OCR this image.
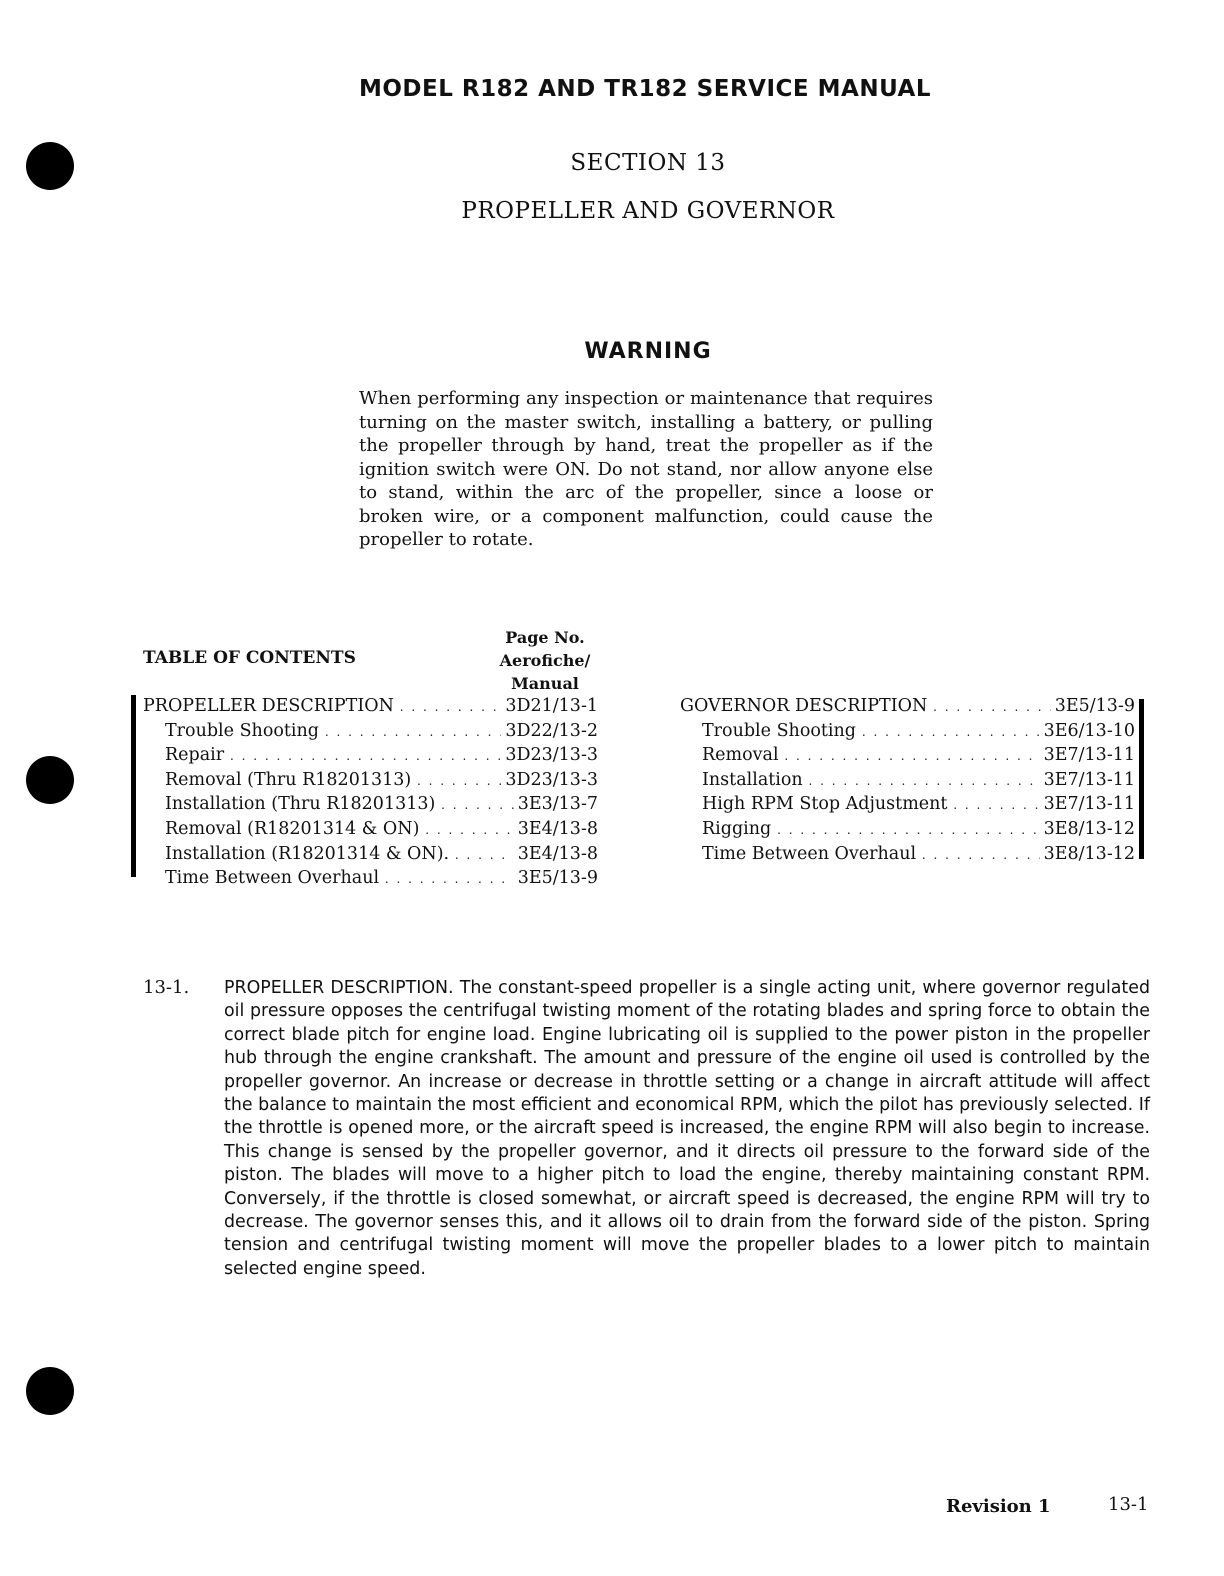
MODEL R182 AND TR182 SERVICE MANUAL
SECTION 13
PROPELLER AND GOVERNOR
WARNING
When performing any inspection or maintenance that requires turning on the master switch, installing a battery, or pulling the propeller through by hand, treat the propeller as if the ignition switch were ON. Do not stand, nor allow anyone else to stand, within the arc of the propeller, since a loose or broken wire, or a component malfunction, could cause the propeller to rotate.
TABLE OF CONTENTS
Page No.
Aerofiche/
Manual
PROPELLER DESCRIPTION . . .	3D21/13-1
Trouble Shooting . . .	3D22/13-2
Repair . . .	3D23/13-3
Removal (Thru R18201313) . . .	3D23/13-3
Installation (Thru R18201313) . . .	3E3/13-7
Removal (R18201314 & ON) . . .	3E4/13-8
Installation (R18201314 & ON). . . .	3E4/13-8
Time Between Overhaul . . .	3E5/13-9
GOVERNOR DESCRIPTION . . .	3E5/13-9
Trouble Shooting . . .	3E6/13-10
Removal . . .	3E7/13-11
Installation . . .	3E7/13-11
High RPM Stop Adjustment . . .	3E7/13-11
Rigging . . .	3E8/13-12
Time Between Overhaul . . .	3E8/13-12
13-1. PROPELLER DESCRIPTION. The constant-speed propeller is a single acting unit, where governor regulated oil pressure opposes the centrifugal twisting moment of the rotating blades and spring force to obtain the correct blade pitch for engine load. Engine lubricating oil is supplied to the power piston in the propeller hub through the engine crankshaft. The amount and pressure of the engine oil used is controlled by the propeller governor. An increase or decrease in throttle setting or a change in aircraft attitude will affect the balance to maintain the most efficient and economical RPM, which the pilot has previously selected. If the throttle is opened more, or the aircraft speed is increased, the engine RPM will also begin to increase. This change is sensed by the propeller governor, and it directs oil pressure to the forward side of the piston. The blades will move to a higher pitch to load the engine, thereby maintaining constant RPM. Conversely, if the throttle is closed somewhat, or aircraft speed is decreased, the engine RPM will try to decrease. The governor senses this, and it allows oil to drain from the forward side of the piston. Spring tension and centrifugal twisting moment will move the propeller blades to a lower pitch to maintain selected engine speed.
Revision 1	13-1
